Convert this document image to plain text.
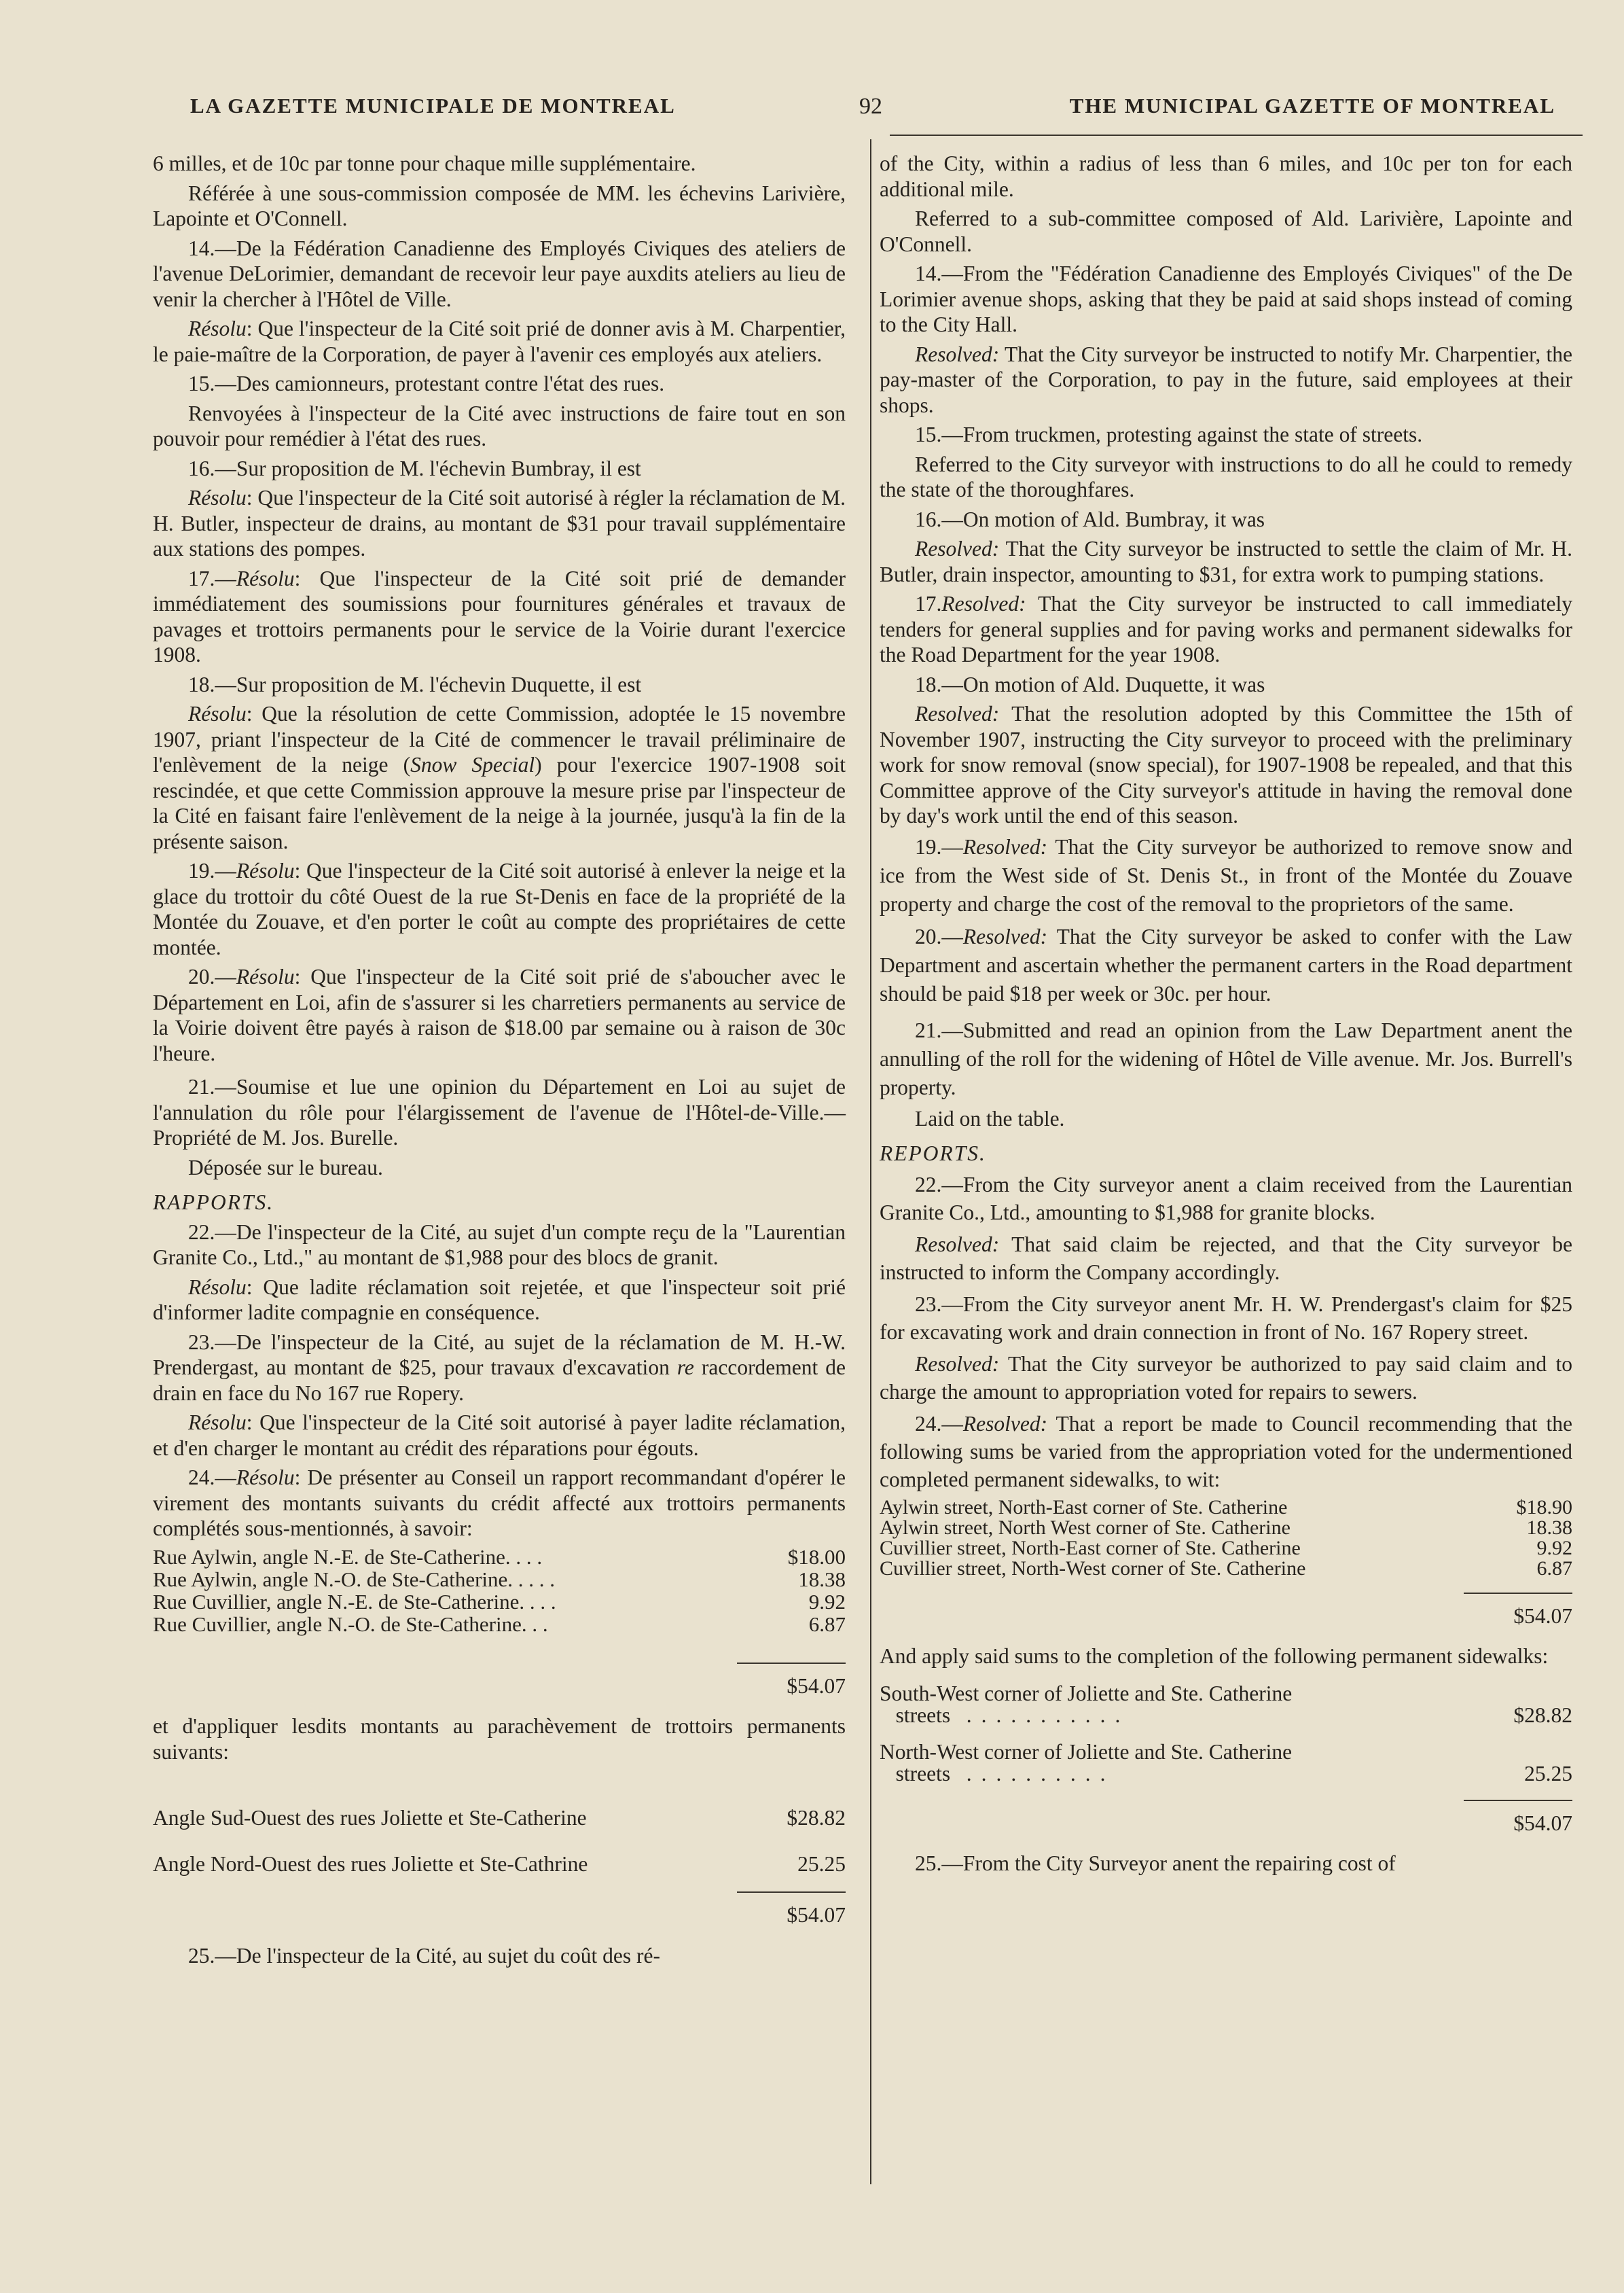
LA GAZETTE MUNICIPALE DE MONTREAL	92	THE MUNICIPAL GAZETTE OF MONTREAL

6 milles, et de 10c par tonne pour chaque mille supplémentaire.

Référée à une sous-commission composée de MM. les échevins Larivière, Lapointe et O'Connell.

14.—De la Fédération Canadienne des Employés Civiques des ateliers de l'avenue DeLorimier, demandant de recevoir leur paye auxdits ateliers au lieu de venir la chercher à l'Hôtel de Ville.

Résolu: Que l'inspecteur de la Cité soit prié de donner avis à M. Charpentier, le paie-maître de la Corporation, de payer à l'avenir ces employés aux ateliers.

15.—Des camionneurs, protestant contre l'état des rues.

Renvoyées à l'inspecteur de la Cité avec instructions de faire tout en son pouvoir pour remédier à l'état des rues.

16.—Sur proposition de M. l'échevin Bumbray, il est

Résolu: Que l'inspecteur de la Cité soit autorisé à régler la réclamation de M. H. Butler, inspecteur de drains, au montant de $31 pour travail supplémentaire aux stations des pompes.

17.—Résolu: Que l'inspecteur de la Cité soit prié de demander immédiatement des soumissions pour fournitures générales et travaux de pavages et trottoirs permanents pour le service de la Voirie durant l'exercice 1908.

18.—Sur proposition de M. l'échevin Duquette, il est

Résolu: Que la résolution de cette Commission, adoptée le 15 novembre 1907, priant l'inspecteur de la Cité de commencer le travail préliminaire de l'enlèvement de la neige (Snow Special) pour l'exercice 1907-1908 soit rescindée, et que cette Commission approuve la mesure prise par l'inspecteur de la Cité en faisant faire l'enlèvement de la neige à la journée, jusqu'à la fin de la présente saison.

19.—Résolu: Que l'inspecteur de la Cité soit autorisé à enlever la neige et la glace du trottoir du côté Ouest de la rue St-Denis en face de la propriété de la Montée du Zouave, et d'en porter le coût au compte des propriétaires de cette montée.

20.—Résolu: Que l'inspecteur de la Cité soit prié de s'aboucher avec le Département en Loi, afin de s'assurer si les charretiers permanents au service de la Voirie doivent être payés à raison de $18.00 par semaine ou à raison de 30c l'heure.

21.—Soumise et lue une opinion du Département en Loi au sujet de l'annulation du rôle pour l'élargissement de l'avenue de l'Hôtel-de-Ville.—Propriété de M. Jos. Burelle.

Déposée sur le bureau.

RAPPORTS.

22.—De l'inspecteur de la Cité, au sujet d'un compte reçu de la "Laurentian Granite Co., Ltd.," au montant de $1,988 pour des blocs de granit.

Résolu: Que ladite réclamation soit rejetée, et que l'inspecteur soit prié d'informer ladite compagnie en conséquence.

23.—De l'inspecteur de la Cité, au sujet de la réclamation de M. H.-W. Prendergast, au montant de $25, pour travaux d'excavation re raccordement de drain en face du No 167 rue Ropery.

Résolu: Que l'inspecteur de la Cité soit autorisé à payer ladite réclamation, et d'en charger le montant au crédit des réparations pour égouts.

24.—Résolu: De présenter au Conseil un rapport recommandant d'opérer le virement des montants suivants du crédit affecté aux trottoirs permanents complétés sous-mentionnés, à savoir:

Rue Aylwin, angle N.-E. de Ste-Catherine. . . .	$18.00
Rue Aylwin, angle N.-O. de Ste-Catherine. . . . .	18.38
Rue Cuvillier, angle N.-E. de Ste-Catherine. . . .	9.92
Rue Cuvillier, angle N.-O. de Ste-Catherine. . .	6.87
$54.07

et d'appliquer lesdits montants au parachèvement de trottoirs permanents suivants:

Angle Sud-Ouest des rues Joliette et Ste-Catherine	$28.82
Angle Nord-Ouest des rues Joliette et Ste-Cathrine	25.25
$54.07

25.—De l'inspecteur de la Cité, au sujet du coût des ré-

of the City, within a radius of less than 6 miles, and 10c per ton for each additional mile.

Referred to a sub-committee composed of Ald. Larivière, Lapointe and O'Connell.

14.—From the "Fédération Canadienne des Employés Civiques" of the De Lorimier avenue shops, asking that they be paid at said shops instead of coming to the City Hall.

Resolved: That the City surveyor be instructed to notify Mr. Charpentier, the pay-master of the Corporation, to pay in the future, said employees at their shops.

15.—From truckmen, protesting against the state of streets.

Referred to the City surveyor with instructions to do all he could to remedy the state of the thoroughfares.

16.—On motion of Ald. Bumbray, it was

Resolved: That the City surveyor be instructed to settle the claim of Mr. H. Butler, drain inspector, amounting to $31, for extra work to pumping stations.

17.Resolved: That the City surveyor be instructed to call immediately tenders for general supplies and for paving works and permanent sidewalks for the Road Department for the year 1908.

18.—On motion of Ald. Duquette, it was

Resolved: That the resolution adopted by this Committee the 15th of November 1907, instructing the City surveyor to proceed with the preliminary work for snow removal (snow special), for 1907-1908 be repealed, and that this Committee approve of the City surveyor's attitude in having the removal done by day's work until the end of this season.

19.—Resolved: That the City surveyor be authorized to remove snow and ice from the West side of St. Denis St., in front of the Montée du Zouave property and charge the cost of the removal to the proprietors of the same.

20.—Resolved: That the City surveyor be asked to confer with the Law Department and ascertain whether the permanent carters in the Road department should be paid $18 per week or 30c. per hour.

21.—Submitted and read an opinion from the Law Department anent the annulling of the roll for the widening of Hôtel de Ville avenue. Mr. Jos. Burrell's property.

Laid on the table.

REPORTS.

22.—From the City surveyor anent a claim received from the Laurentian Granite Co., Ltd., amounting to $1,988 for granite blocks.

Resolved: That said claim be rejected, and that the City surveyor be instructed to inform the Company accordingly.

23.—From the City surveyor anent Mr. H. W. Prendergast's claim for $25 for excavating work and drain connection in front of No. 167 Ropery street.

Resolved: That the City surveyor be authorized to pay said claim and to charge the amount to appropriation voted for repairs to sewers.

24.—Resolved: That a report be made to Council recommending that the following sums be varied from the appropriation voted for the undermentioned completed permanent sidewalks, to wit:

Aylwin street, North-East corner of Ste. Catherine	$18.90
Aylwin street, North West corner of Ste. Catherine	18.38
Cuvillier street, North-East corner of Ste. Catherine	9.92
Cuvillier street, North-West corner of Ste. Catherine	6.87
$54.07

And apply said sums to the completion of the following permanent sidewalks:

South-West corner of Joliette and Ste. Catherine
streets ...........	$28.82
North-West corner of Joliette and Ste. Catherine
streets ..........	25.25
$54.07

25.—From the City Surveyor anent the repairing cost of
